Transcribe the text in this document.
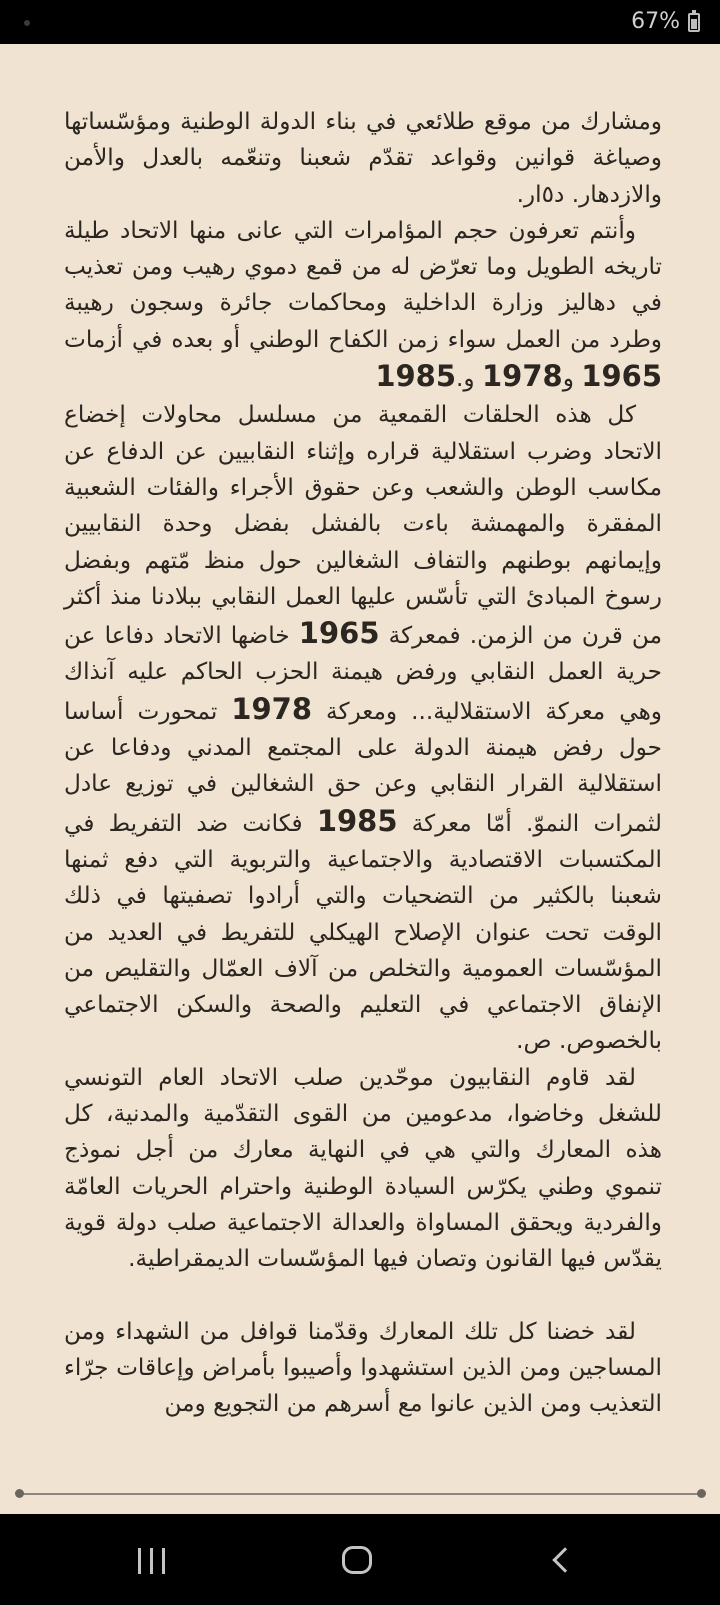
67%

ومشارك من موقع طلائعي في بناء الدولة الوطنية ومؤسّساتها وصياغة قوانين وقواعد تقدّم شعبنا وتنعّمه بالعدل والأمن والازدهار. د٥ار.

وأنتم تعرفون حجم المؤامرات التي عانى منها الاتحاد طيلة تاريخه الطويل وما تعرّض له من قمع دموي رهيب ومن تعذيب في دهاليز وزارة الداخلية ومحاكمات جائرة وسجون رهيبة وطرد من العمل سواء زمن الكفاح الوطني أو بعده في أزمات 1965 و1978 و.1985

كل هذه الحلقات القمعية من مسلسل محاولات إخضاع الاتحاد وضرب استقلالية قراره وإثناء النقابيين عن الدفاع عن مكاسب الوطن والشعب وعن حقوق الأجراء والفئات الشعبية المفقرة والمهمشة باءت بالفشل بفضل وحدة النقابيين وإيمانهم بوطنهم والتفاف الشغالين حول منظ مّتهم وبفضل رسوخ المبادئ التي تأسّس عليها العمل النقابي ببلادنا منذ أكثر من قرن من الزمن. فمعركة 1965 خاضها الاتحاد دفاعا عن حرية العمل النقابي ورفض هيمنة الحزب الحاكم عليه آنذاك وهي معركة الاستقلالية... ومعركة 1978 تمحورت أساسا حول رفض هيمنة الدولة على المجتمع المدني ودفاعا عن استقلالية القرار النقابي وعن حق الشغالين في توزيع عادل لثمرات النموّ. أمّا معركة 1985 فكانت ضد التفريط في المكتسبات الاقتصادية والاجتماعية والتربوية التي دفع ثمنها شعبنا بالكثير من التضحيات والتي أرادوا تصفيتها في ذلك الوقت تحت عنوان الإصلاح الهيكلي للتفريط في العديد من المؤسّسات العمومية والتخلص من آلاف العمّال والتقليص من الإنفاق الاجتماعي في التعليم والصحة والسكن الاجتماعي بالخصوص. ص.

لقد قاوم النقابيون موحّدين صلب الاتحاد العام التونسي للشغل وخاضوا، مدعومين من القوى التقدّمية والمدنية، كل هذه المعارك والتي هي في النهاية معارك من أجل نموذج تنموي وطني يكرّس السيادة الوطنية واحترام الحريات العامّة والفردية ويحقق المساواة والعدالة الاجتماعية صلب دولة قوية يقدّس فيها القانون وتصان فيها المؤسّسات الديمقراطية.

لقد خضنا كل تلك المعارك وقدّمنا قوافل من الشهداء ومن المساجين ومن الذين استشهدوا وأصيبوا بأمراض وإعاقات جرّاء التعذيب ومن الذين عانوا مع أسرهم من التجويع ومن
